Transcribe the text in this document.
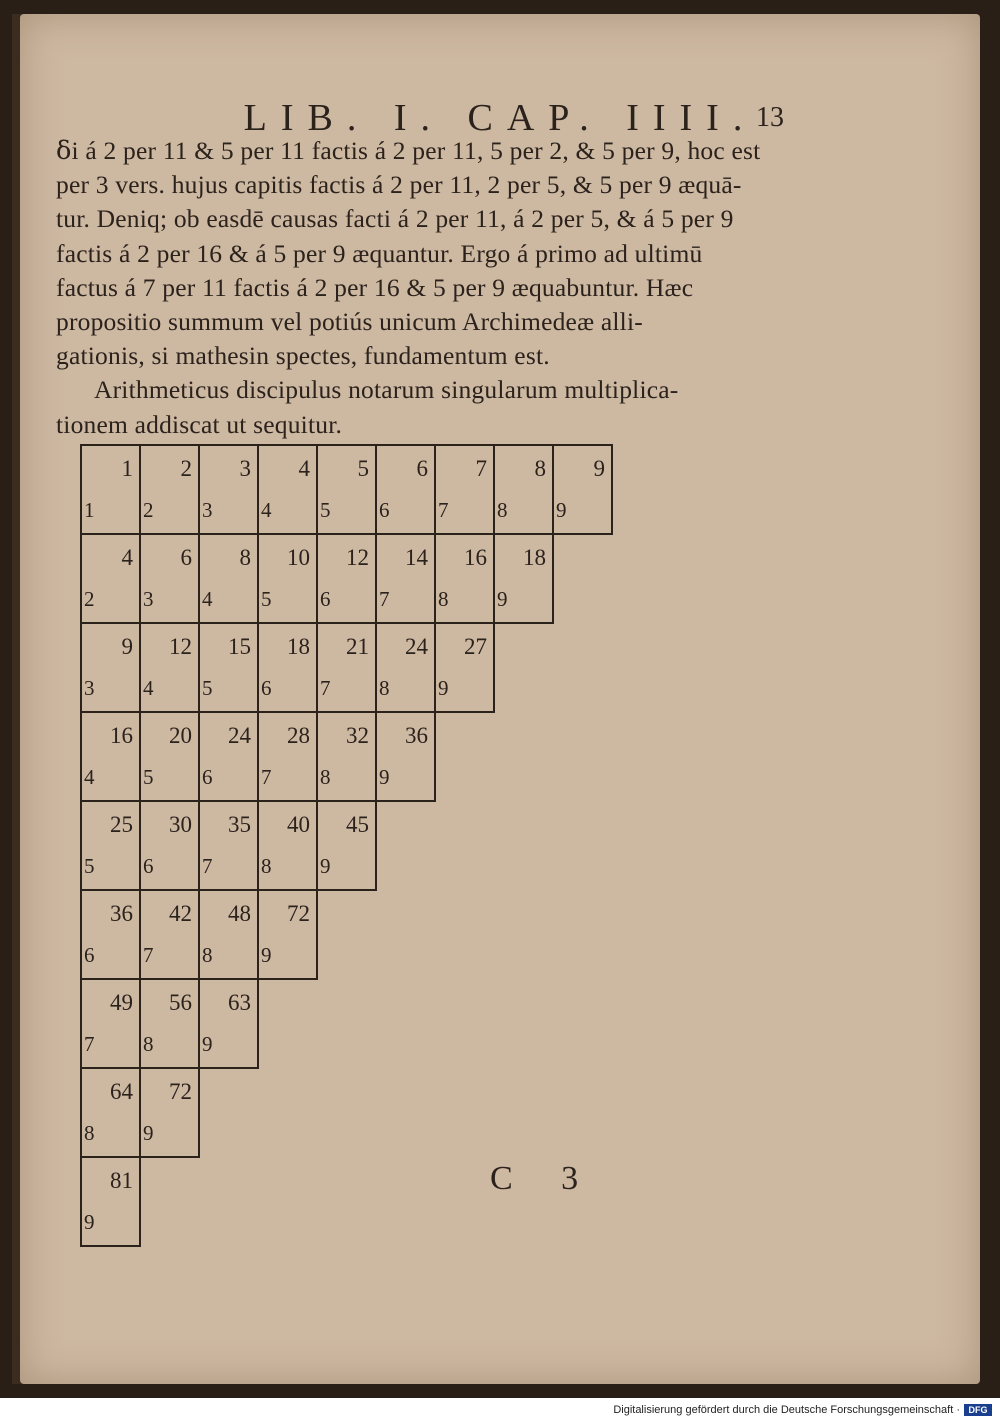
LIB. I. CAP. IIII. 13
ẟi á 2 per 11 & 5 per 11 factis á 2 per 11, 5 per 2, & 5 per 9, hoc est
per 3 vers. hujus capitis factis á 2 per 11, 2 per 5, & 5 per 9 æquā-
tur. Deniq; ob easdē causas facti á 2 per 11, á 2 per 5, & á 5 per 9
factis á 2 per 16 & á 5 per 9 æquantur. Ergo á primo ad ultimū
factus á 7 per 11 factis á 2 per 16 & 5 per 9 æquabuntur. Hæc
propositio summum vel potiús unicum Archimedeæ alli-
gationis, si mathesin spectes, fundamentum est.
Arithmeticus discipulus notarum singularum multiplica-
tionem addiscat ut sequitur.
1
1
2
2
3
3
4
4
5
5
6
6
7
7
8
8
9
9
4
2
6
3
8
4
10
5
12
6
14
7
16
8
18
9
9
3
12
4
15
5
18
6
21
7
24
8
27
9
16
4
20
5
24
6
28
7
32
8
36
9
25
5
30
6
35
7
40
8
45
9
36
6
42
7
48
8
72
9
49
7
56
8
63
9
64
8
72
9
81
9
C 3
Digitalisierung gefördert durch die Deutsche Forschungsgemeinschaft · DFG
